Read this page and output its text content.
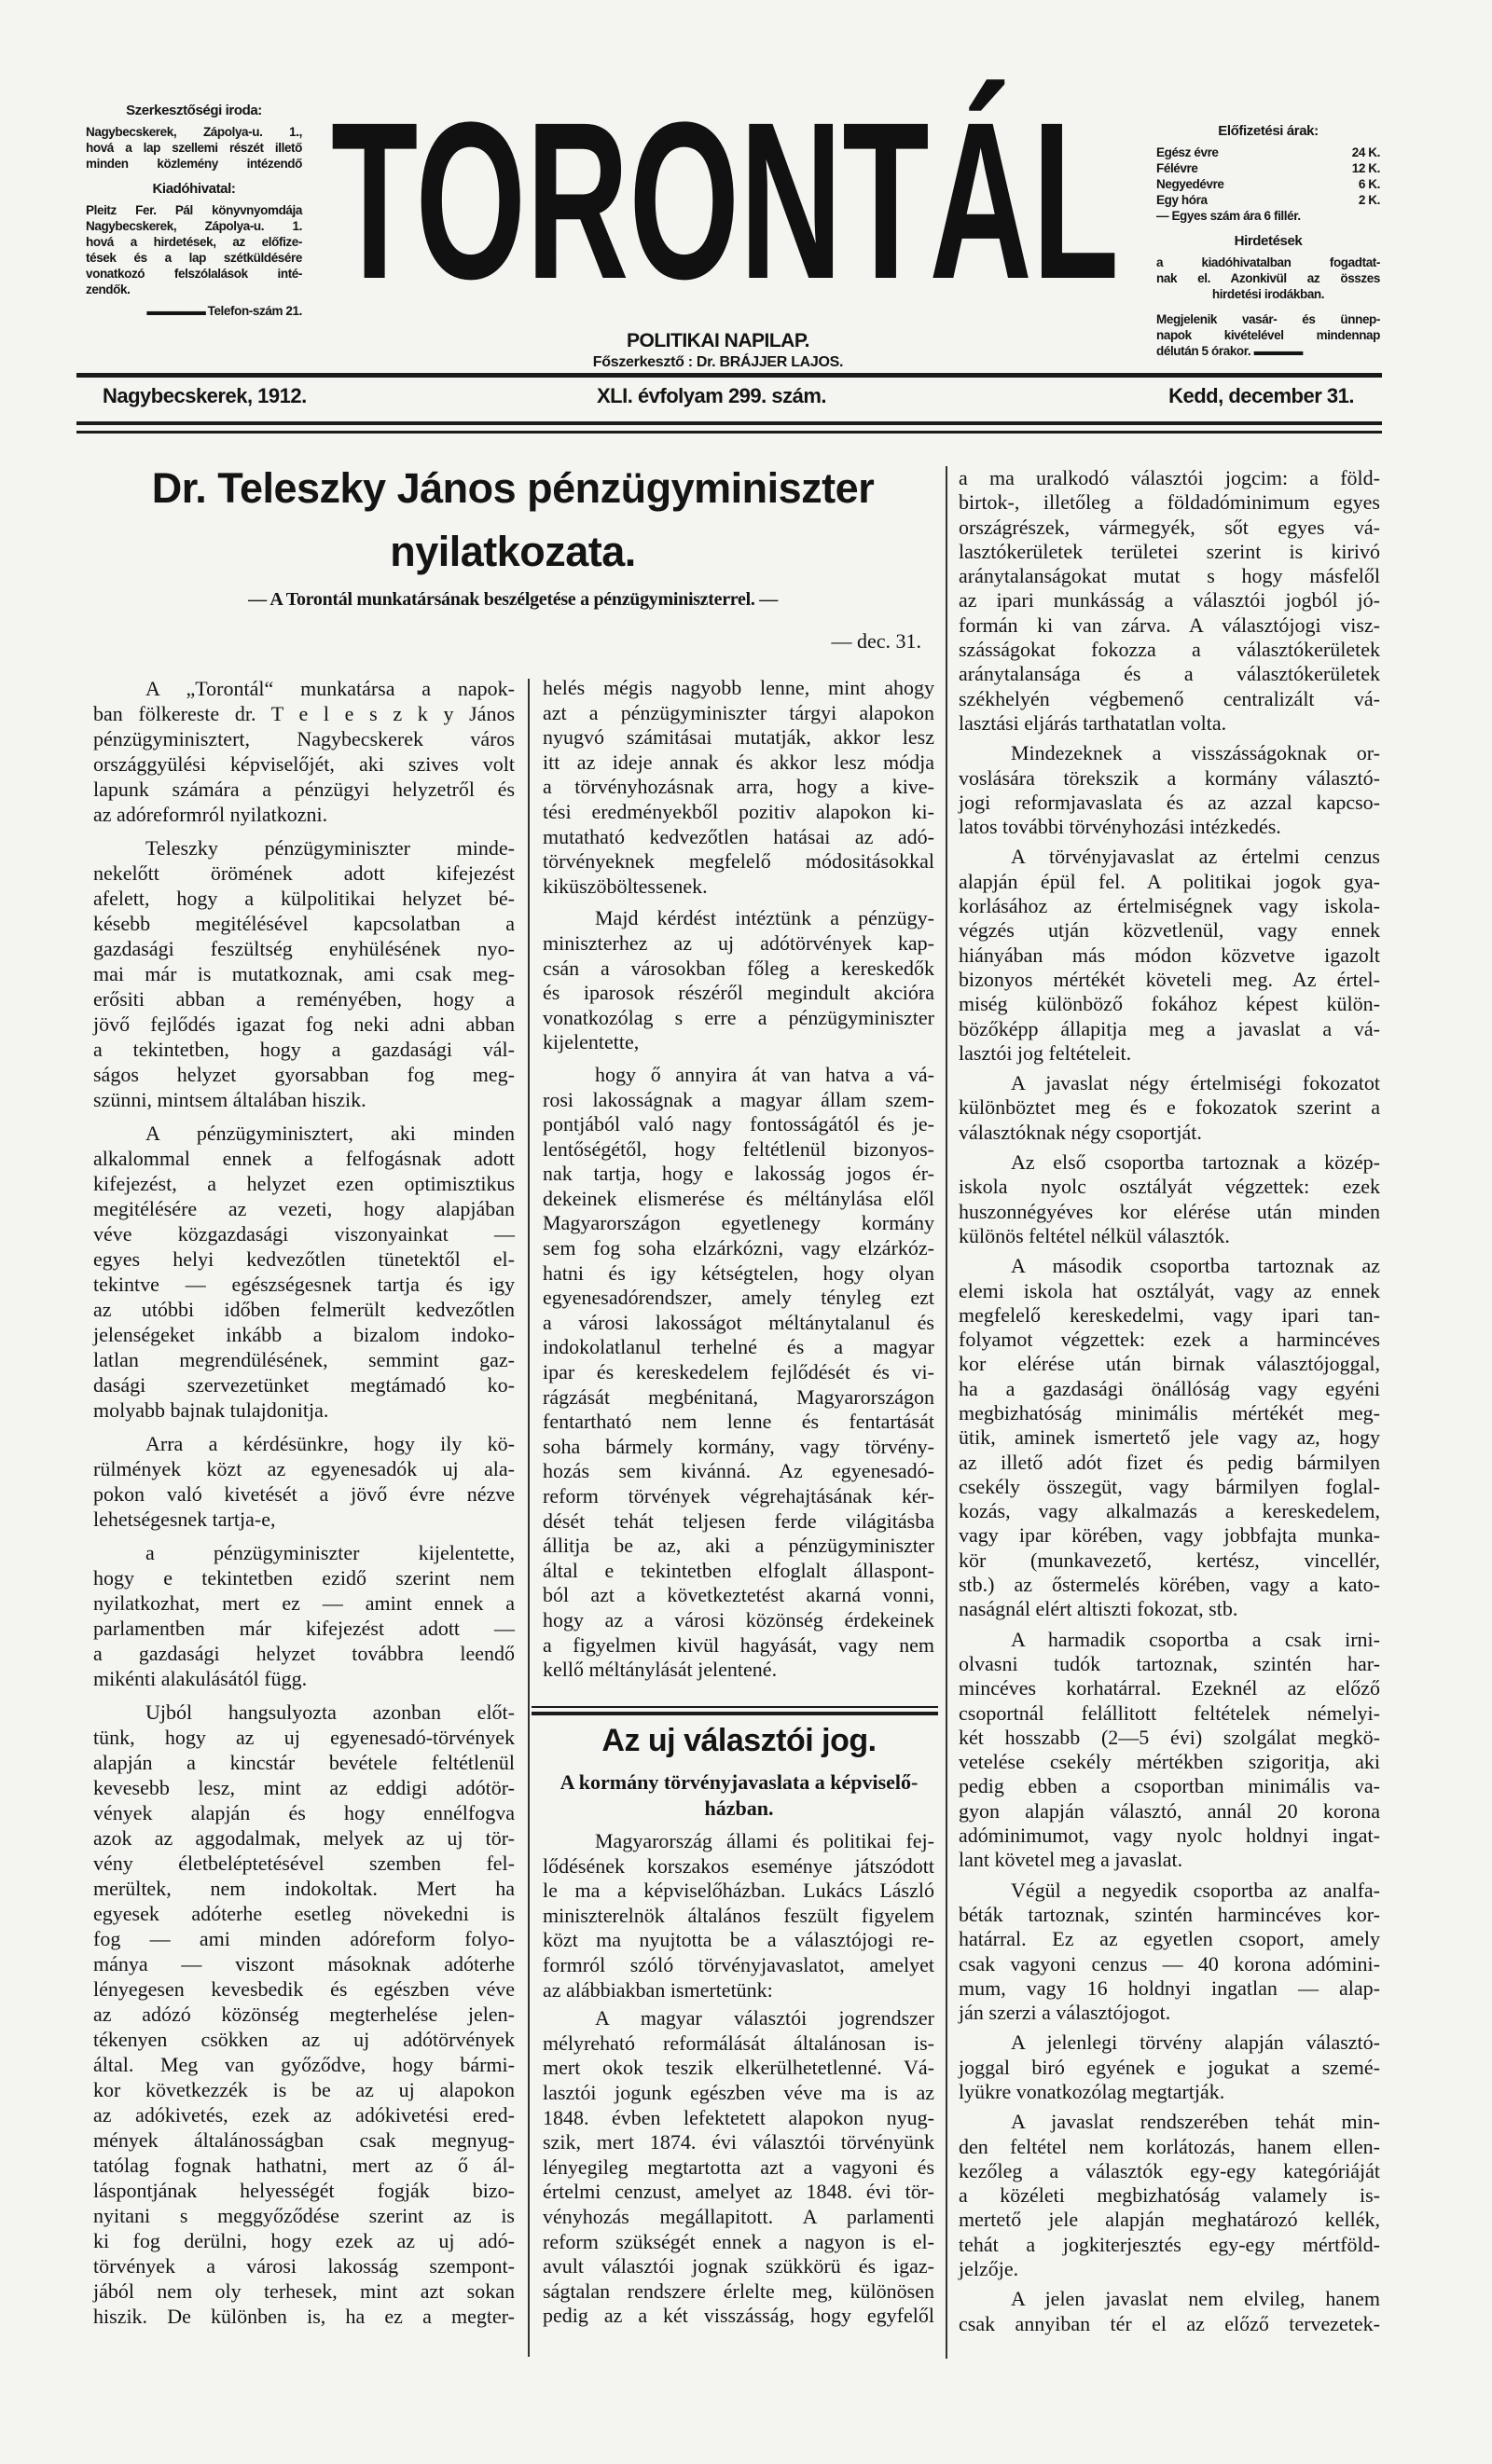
Szerkesztőségi iroda:
Nagybecskerek, Zápolya-u. 1.,
hová a lap szellemi részét illető
minden közlemény intézendő
Kiadóhivatal:
Pleitz Fer. Pál könyvnyomdája
Nagybecskerek, Zápolya-u. 1.
hová a hirdetések, az előfize-
tések és a lap szétküldésére
vonatkozó felszólalások inté-
zendők.
▬▬▬▬▬ Telefon-szám 21. TORONTÁL
POLITIKAI NAPILAP.
Főszerkesztő : Dr. BRÁJJER LAJOS.
Előfizetési árak:
Egész évre	24 K.
Félévre	12 K.
Negyedévre	6 K.
Egy hóra	2 K.
— Egyes szám ára 6 fillér.
Hirdetések
a kiadóhivatalban fogadtat-
nak el. Azonkivül az összes
hirdetési irodákban.
Megjelenik vasár- és ünnep-
napok kivételével mindennap
délután 5 órakor. ▬▬▬▬
Nagybecskerek, 1912.	XLI. évfolyam 299. szám.	Kedd, december 31.
Dr. Teleszky János pénzügyminiszter
nyilatkozata.
— A Torontál munkatársának beszélgetése a pénzügyminiszterrel. —
— dec. 31.
A „Torontál“ munkatársa a napok-
ban fölkereste dr. T e l e s z k y János
pénzügyminisztert, Nagybecskerek város
országgyülési képviselőjét, aki szives volt
lapunk számára a pénzügyi helyzetről és
az adóreformról nyilatkozni.
Teleszky pénzügyminiszter minde-
nekelőtt örömének adott kifejezést
afelett, hogy a külpolitikai helyzet bé-
késebb megitélésével kapcsolatban a
gazdasági feszültség enyhülésének nyo-
mai már is mutatkoznak, ami csak meg-
erősiti abban a reményében, hogy a
jövő fejlődés igazat fog neki adni abban
a tekintetben, hogy a gazdasági vál-
ságos helyzet gyorsabban fog meg-
szünni, mintsem általában hiszik.
A pénzügyminisztert, aki minden
alkalommal ennek a felfogásnak adott
kifejezést, a helyzet ezen optimisztikus
megitélésére az vezeti, hogy alapjában
véve közgazdasági viszonyainkat —
egyes helyi kedvezőtlen tünetektől el-
tekintve — egészségesnek tartja és igy
az utóbbi időben felmerült kedvezőtlen
jelenségeket inkább a bizalom indoko-
latlan megrendülésének, semmint gaz-
dasági szervezetünket megtámadó ko-
molyabb bajnak tulajdonitja.
Arra a kérdésünkre, hogy ily kö-
rülmények közt az egyenesadók uj ala-
pokon való kivetését a jövő évre nézve
lehetségesnek tartja-e,
a pénzügyminiszter kijelentette,
hogy e tekintetben ezidő szerint nem
nyilatkozhat, mert ez — amint ennek a
parlamentben már kifejezést adott —
a gazdasági helyzet továbbra leendő
mikénti alakulásától függ.
Ujból hangsulyozta azonban előt-
tünk, hogy az uj egyenesadó-törvények
alapján a kincstár bevétele feltétlenül
kevesebb lesz, mint az eddigi adótör-
vények alapján és hogy ennélfogva
azok az aggodalmak, melyek az uj tör-
vény életbeléptetésével szemben fel-
merültek, nem indokoltak. Mert ha
egyesek adóterhe esetleg növekedni is
fog — ami minden adóreform folyo-
mánya — viszont másoknak adóterhe
lényegesen kevesbedik és egészben véve
az adózó közönség megterhelése jelen-
tékenyen csökken az uj adótörvények
által. Meg van győződve, hogy bármi-
kor következzék is be az uj alapokon
az adókivetés, ezek az adókivetési ered-
mények általánosságban csak megnyug-
tatólag fognak hathatni, mert az ő ál-
láspontjának helyességét fogják bizo-
nyitani s meggyőződése szerint az is
ki fog derülni, hogy ezek az uj adó-
törvények a városi lakosság szempont-
jából nem oly terhesek, mint azt sokan
hiszik. De különben is, ha ez a megter-
helés mégis nagyobb lenne, mint ahogy
azt a pénzügyminiszter tárgyi alapokon
nyugvó számitásai mutatják, akkor lesz
itt az ideje annak és akkor lesz módja
a törvényhozásnak arra, hogy a kive-
tési eredményekből pozitiv alapokon ki-
mutatható kedvezőtlen hatásai az adó-
törvényeknek megfelelő módositásokkal
kiküszöböltessenek.
Majd kérdést intéztünk a pénzügy-
miniszterhez az uj adótörvények kap-
csán a városokban főleg a kereskedők
és iparosok részéről megindult akcióra
vonatkozólag s erre a pénzügyminiszter
kijelentette,
hogy ő annyira át van hatva a vá-
rosi lakosságnak a magyar állam szem-
pontjából való nagy fontosságától és je-
lentőségétől, hogy feltétlenül bizonyos-
nak tartja, hogy e lakosság jogos ér-
dekeinek elismerése és méltánylása elől
Magyarországon egyetlenegy kormány
sem fog soha elzárkózni, vagy elzárkóz-
hatni és igy kétségtelen, hogy olyan
egyenesadórendszer, amely tényleg ezt
a városi lakosságot méltánytalanul és
indokolatlanul terhelné és a magyar
ipar és kereskedelem fejlődését és vi-
rágzását megbénitaná, Magyarországon
fentartható nem lenne és fentartását
soha bármely kormány, vagy törvény-
hozás sem kivánná. Az egyenesadó-
reform törvények végrehajtásának kér-
dését tehát teljesen ferde világitásba
állitja be az, aki a pénzügyminiszter
által e tekintetben elfoglalt állaspont-
ból azt a következtetést akarná vonni,
hogy az a városi közönség érdekeinek
a figyelmen kivül hagyását, vagy nem
kellő méltánylását jelentené.
Az uj választói jog.
A kormány törvényjavaslata a képviselő-
házban.
Magyarország állami és politikai fej-
lődésének korszakos eseménye játszódott
le ma a képviselőházban. Lukács László
miniszterelnök általános feszült figyelem
közt ma nyujtotta be a választójogi re-
formról szóló törvényjavaslatot, amelyet
az alábbiakban ismertetünk:
A magyar választói jogrendszer
mélyreható reformálását általánosan is-
mert okok teszik elkerülhetetlenné. Vá-
lasztói jogunk egészben véve ma is az
1848. évben lefektetett alapokon nyug-
szik, mert 1874. évi választói törvényünk
lényegileg megtartotta azt a vagyoni és
értelmi cenzust, amelyet az 1848. évi tör-
vényhozás megállapitott. A parlamenti
reform szükségét ennek a nagyon is el-
avult választói jognak szükkörü és igaz-
ságtalan rendszere érlelte meg, különösen
pedig az a két visszásság, hogy egyfelől
a ma uralkodó választói jogcim: a föld-
birtok-, illetőleg a földadóminimum egyes
országrészek, vármegyék, sőt egyes vá-
lasztókerületek területei szerint is kirivó
aránytalanságokat mutat s hogy másfelől
az ipari munkásság a választói jogból jó-
formán ki van zárva. A választójogi visz-
szásságokat fokozza a választókerületek
aránytalansága és a választókerületek
székhelyén végbemenő centralizált vá-
lasztási eljárás tarthatatlan volta.
Mindezeknek a visszásságoknak or-
voslására törekszik a kormány választó-
jogi reformjavaslata és az azzal kapcso-
latos további törvényhozási intézkedés.
A törvényjavaslat az értelmi cenzus
alapján épül fel. A politikai jogok gya-
korlásához az értelmiségnek vagy iskola-
végzés utján közvetlenül, vagy ennek
hiányában más módon közvetve igazolt
bizonyos mértékét követeli meg. Az értel-
miség különböző fokához képest külön-
bözőképp állapitja meg a javaslat a vá-
lasztói jog feltételeit.
A javaslat négy értelmiségi fokozatot
különböztet meg és e fokozatok szerint a
választóknak négy csoportját.
Az első csoportba tartoznak a közép-
iskola nyolc osztályát végzettek: ezek
huszonnégyéves kor elérése után minden
különös feltétel nélkül választók.
A második csoportba tartoznak az
elemi iskola hat osztályát, vagy az ennek
megfelelő kereskedelmi, vagy ipari tan-
folyamot végzettek: ezek a harmincéves
kor elérése után birnak választójoggal,
ha a gazdasági önállóság vagy egyéni
megbizhatóság minimális mértékét meg-
ütik, aminek ismertető jele vagy az, hogy
az illető adót fizet és pedig bármilyen
csekély összegüt, vagy bármilyen foglal-
kozás, vagy alkalmazás a kereskedelem,
vagy ipar körében, vagy jobbfajta munka-
kör (munkavezető, kertész, vincellér,
stb.) az őstermelés körében, vagy a kato-
naságnál elért altiszti fokozat, stb.
A harmadik csoportba a csak irni-
olvasni tudók tartoznak, szintén har-
mincéves korhatárral. Ezeknél az előző
csoportnál felállitott feltételek némelyi-
két hosszabb (2—5 évi) szolgálat megkö-
vetelése csekély mértékben szigoritja, aki
pedig ebben a csoportban minimális va-
gyon alapján választó, annál 20 korona
adóminimumot, vagy nyolc holdnyi ingat-
lant követel meg a javaslat.
Végül a negyedik csoportba az analfa-
béták tartoznak, szintén harmincéves kor-
határral. Ez az egyetlen csoport, amely
csak vagyoni cenzus — 40 korona adómini-
mum, vagy 16 holdnyi ingatlan — alap-
ján szerzi a választójogot.
A jelenlegi törvény alapján választó-
joggal biró egyének e jogukat a szemé-
lyükre vonatkozólag megtartják.
A javaslat rendszerében tehát min-
den feltétel nem korlátozás, hanem ellen-
kezőleg a választók egy-egy kategóriáját
a közéleti megbizhatóság valamely is-
mertető jele alapján meghatározó kellék,
tehát a jogkiterjesztés egy-egy mértföld-
jelzője.
A jelen javaslat nem elvileg, hanem
csak annyiban tér el az előző tervezetek-
